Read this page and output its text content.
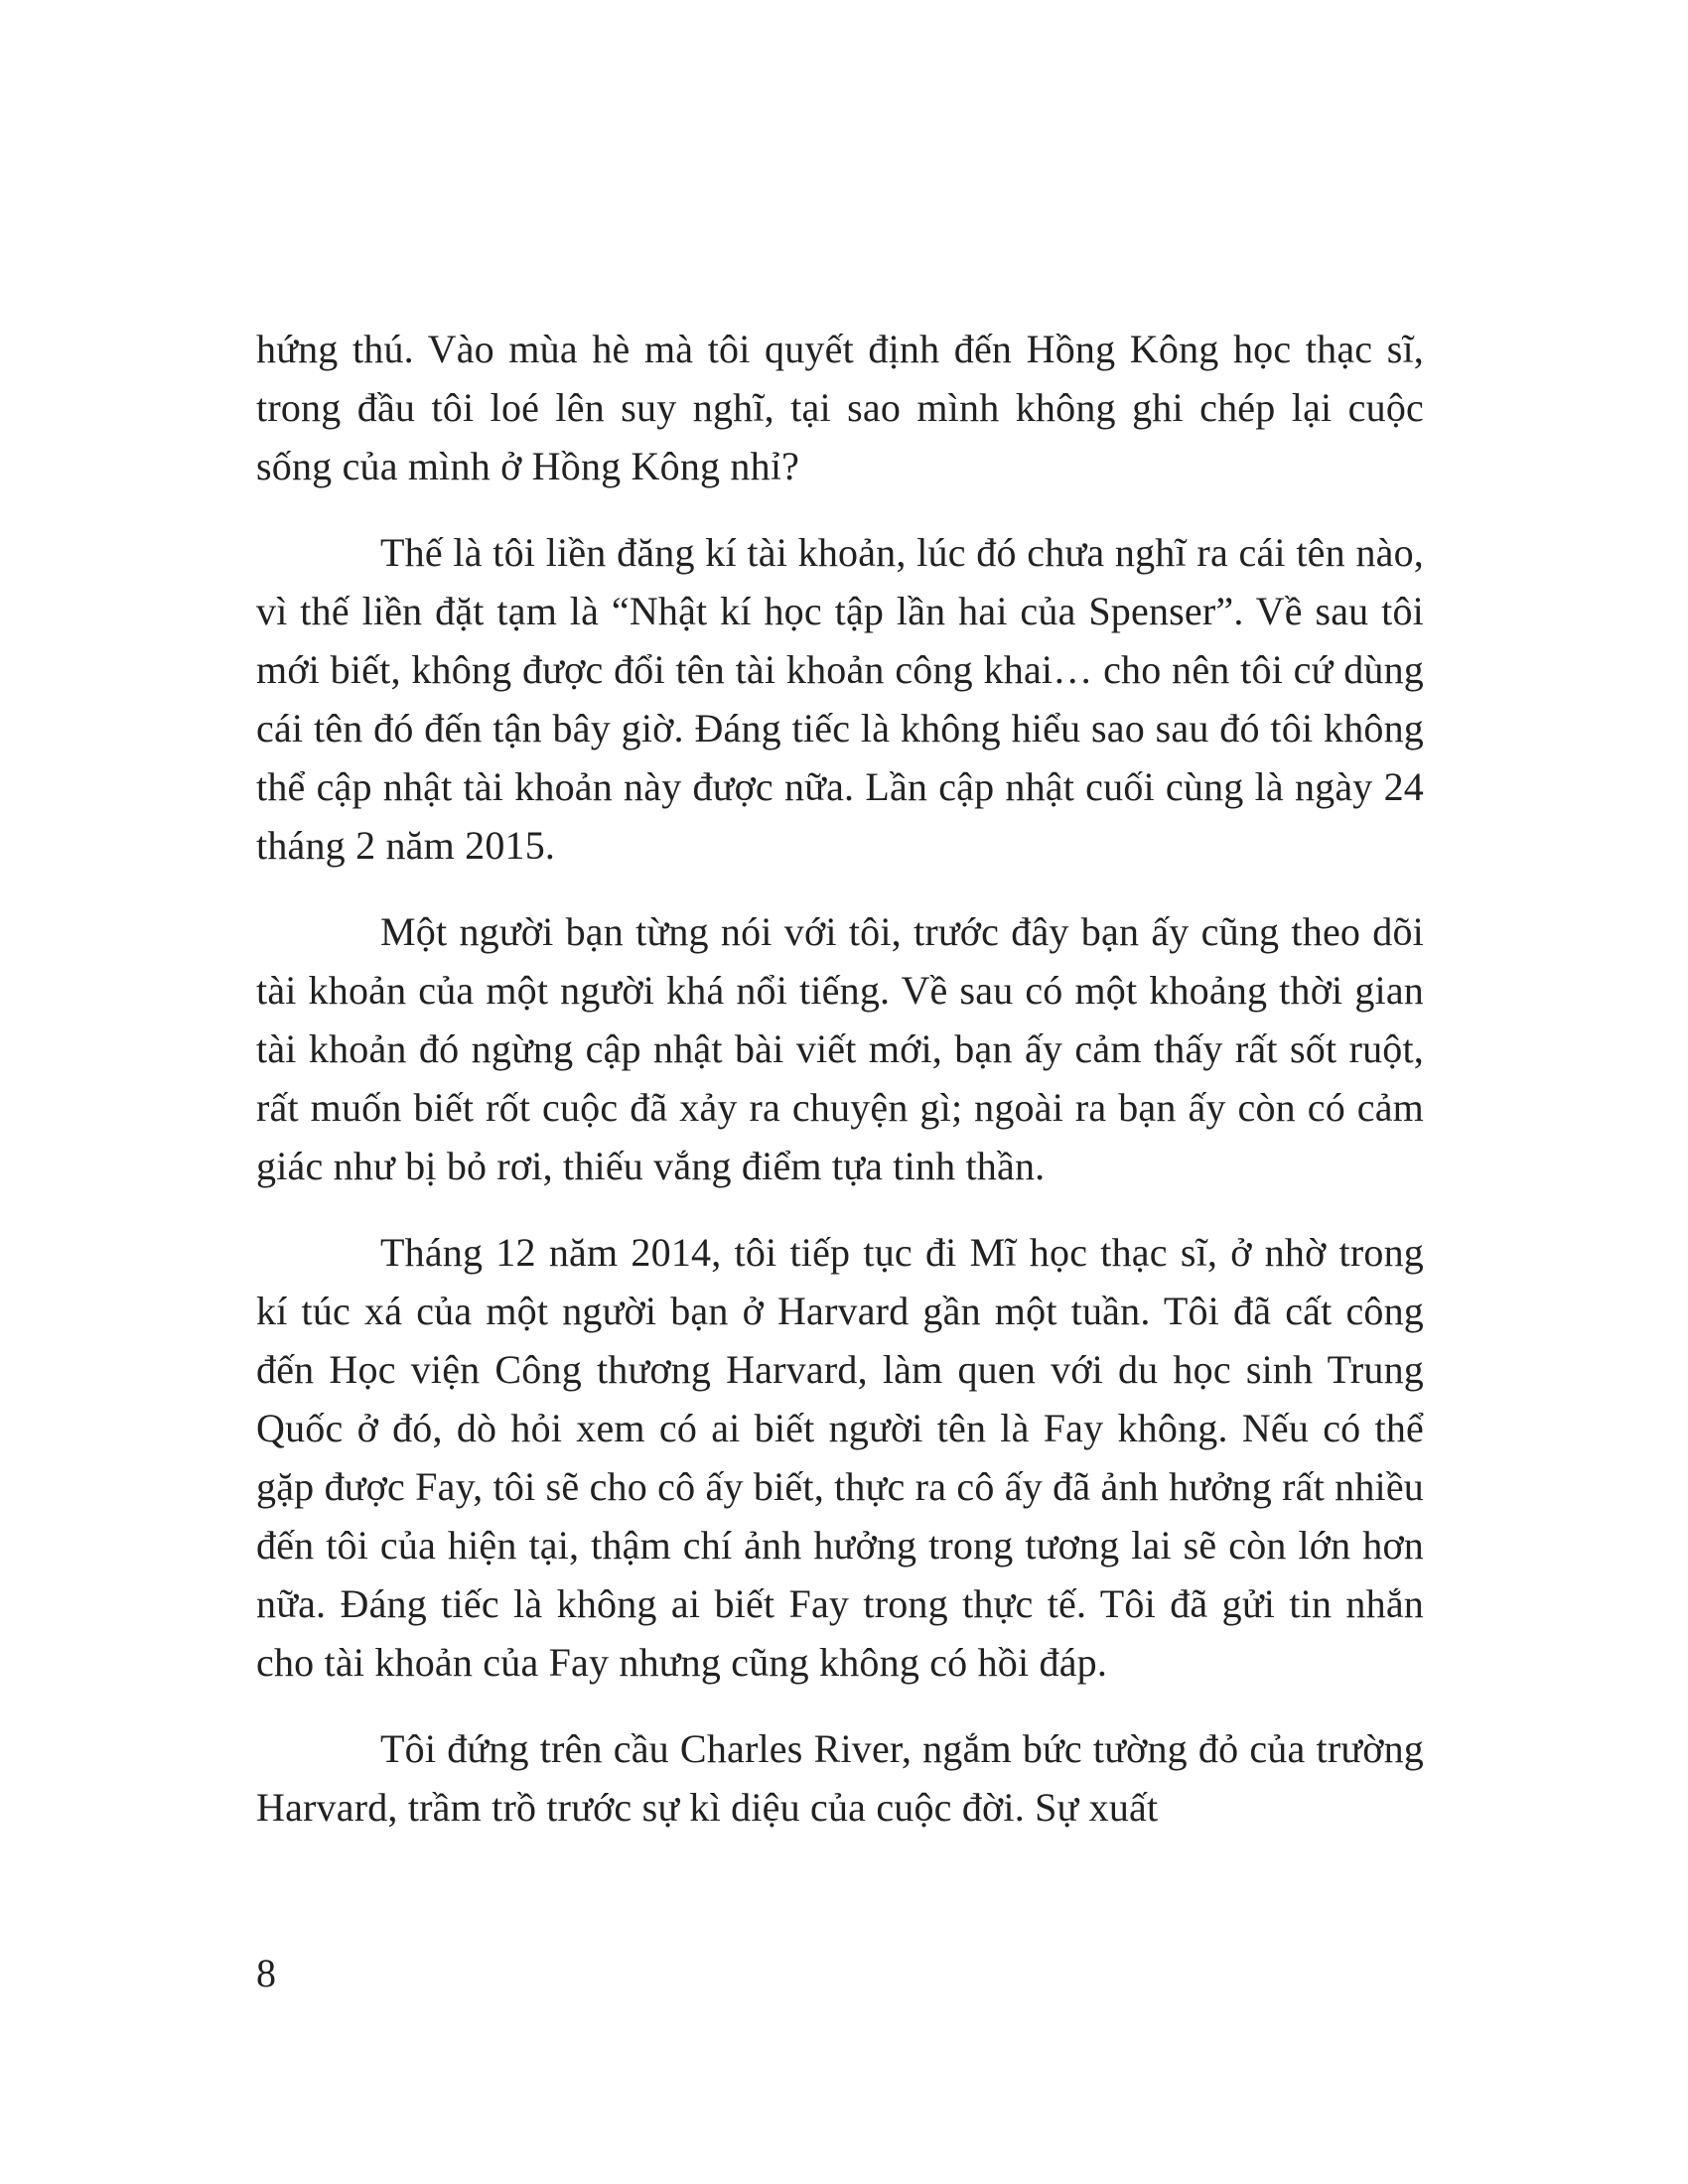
hứng thú. Vào mùa hè mà tôi quyết định đến Hồng Kông học thạc sĩ, trong đầu tôi loé lên suy nghĩ, tại sao mình không ghi chép lại cuộc sống của mình ở Hồng Kông nhỉ?

Thế là tôi liền đăng kí tài khoản, lúc đó chưa nghĩ ra cái tên nào, vì thế liền đặt tạm là “Nhật kí học tập lần hai của Spenser”. Về sau tôi mới biết, không được đổi tên tài khoản công khai… cho nên tôi cứ dùng cái tên đó đến tận bây giờ. Đáng tiếc là không hiểu sao sau đó tôi không thể cập nhật tài khoản này được nữa. Lần cập nhật cuối cùng là ngày 24 tháng 2 năm 2015.

Một người bạn từng nói với tôi, trước đây bạn ấy cũng theo dõi tài khoản của một người khá nổi tiếng. Về sau có một khoảng thời gian tài khoản đó ngừng cập nhật bài viết mới, bạn ấy cảm thấy rất sốt ruột, rất muốn biết rốt cuộc đã xảy ra chuyện gì; ngoài ra bạn ấy còn có cảm giác như bị bỏ rơi, thiếu vắng điểm tựa tinh thần.

Tháng 12 năm 2014, tôi tiếp tục đi Mĩ học thạc sĩ, ở nhờ trong kí túc xá của một người bạn ở Harvard gần một tuần. Tôi đã cất công đến Học viện Công thương Harvard, làm quen với du học sinh Trung Quốc ở đó, dò hỏi xem có ai biết người tên là Fay không. Nếu có thể gặp được Fay, tôi sẽ cho cô ấy biết, thực ra cô ấy đã ảnh hưởng rất nhiều đến tôi của hiện tại, thậm chí ảnh hưởng trong tương lai sẽ còn lớn hơn nữa. Đáng tiếc là không ai biết Fay trong thực tế. Tôi đã gửi tin nhắn cho tài khoản của Fay nhưng cũng không có hồi đáp.

Tôi đứng trên cầu Charles River, ngắm bức tường đỏ của trường Harvard, trầm trồ trước sự kì diệu của cuộc đời. Sự xuất

8
